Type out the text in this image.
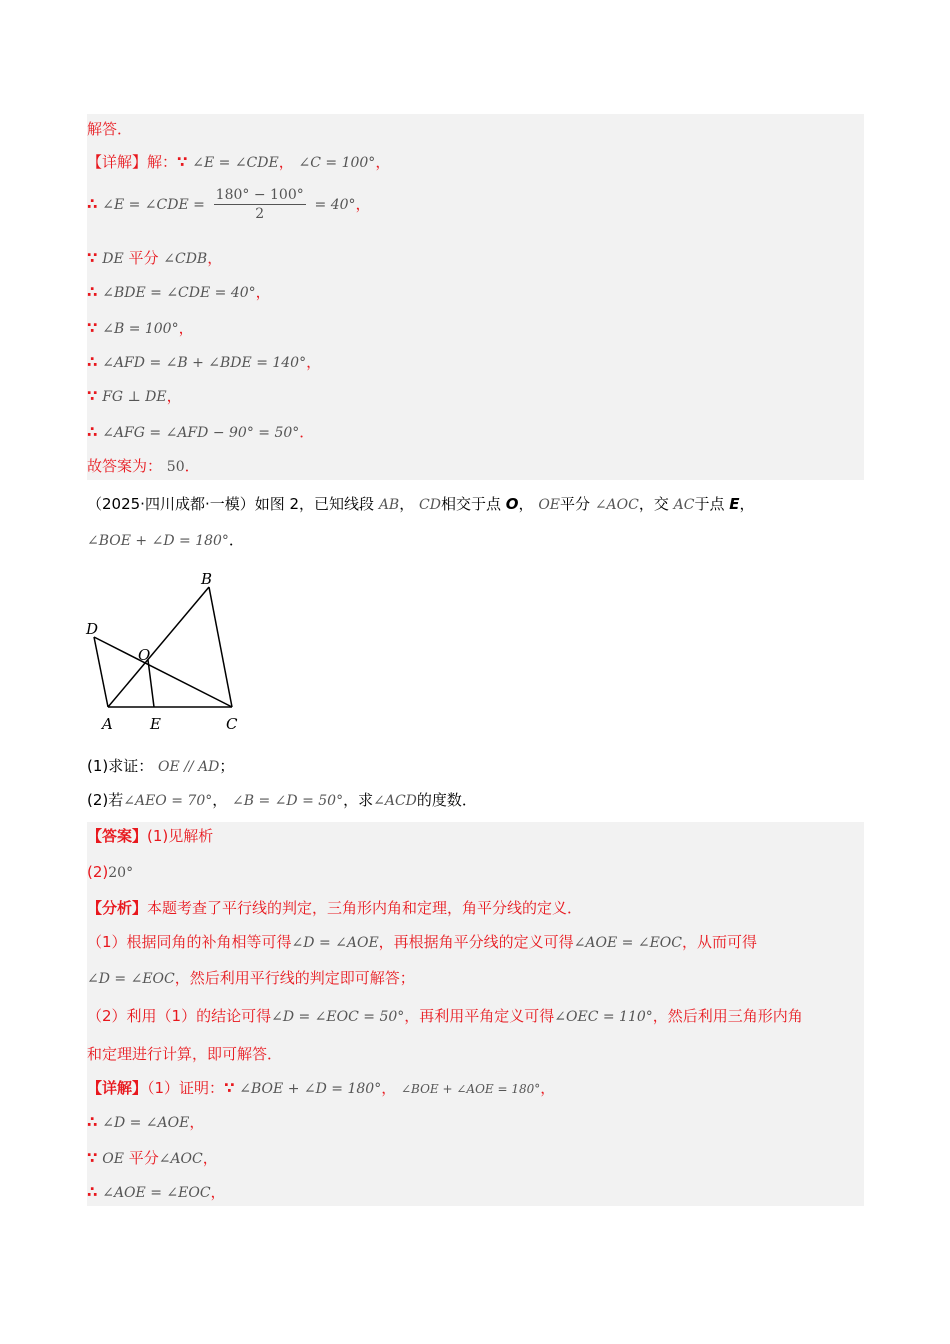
解答．
【详解】解：∵ ∠E = ∠CDE， ∠C = 100°，
∴ ∠E = ∠CDE = $\frac{180^\circ - 100^\circ}{2} = 40^\circ$，
∵ DE 平分 ∠CDB，
∴ ∠BDE = ∠CDE = 40°，
∵ ∠B = 100°，
∴ ∠AFD = ∠B + ∠BDE = 140°，
∵ FG ⊥ DE，
∴ ∠AFG = ∠AFD − 90° = 50°．
故答案为： 50．
（2025·四川成都·一模）如图 2，已知线段 AB， CD相交于点 O， OE平分 ∠AOC，交 AC于点 E，
∠BOE + ∠D = 180°．
B
D
O
A E	C
(1)求证： OE // AD；
(2)若∠AEO = 70°， ∠B = ∠D = 50°，求∠ACD的度数．
【答案】(1)见解析
(2)20°
【分析】本题考查了平行线的判定，三角形内角和定理，角平分线的定义．
（1）根据同角的补角相等可得∠D = ∠AOE，再根据角平分线的定义可得∠AOE = ∠EOC，从而可得
∠D = ∠EOC，然后利用平行线的判定即可解答；
（2）利用（1）的结论可得∠D = ∠EOC = 50°，再利用平角定义可得∠OEC = 110°，然后利用三角形内角
和定理进行计算，即可解答．
【详解】（1）证明：∵ ∠BOE + ∠D = 180°， ∠BOE + ∠AOE = 180°，
∴ ∠D = ∠AOE，
∵ OE 平分∠AOC，
∴ ∠AOE = ∠EOC，
